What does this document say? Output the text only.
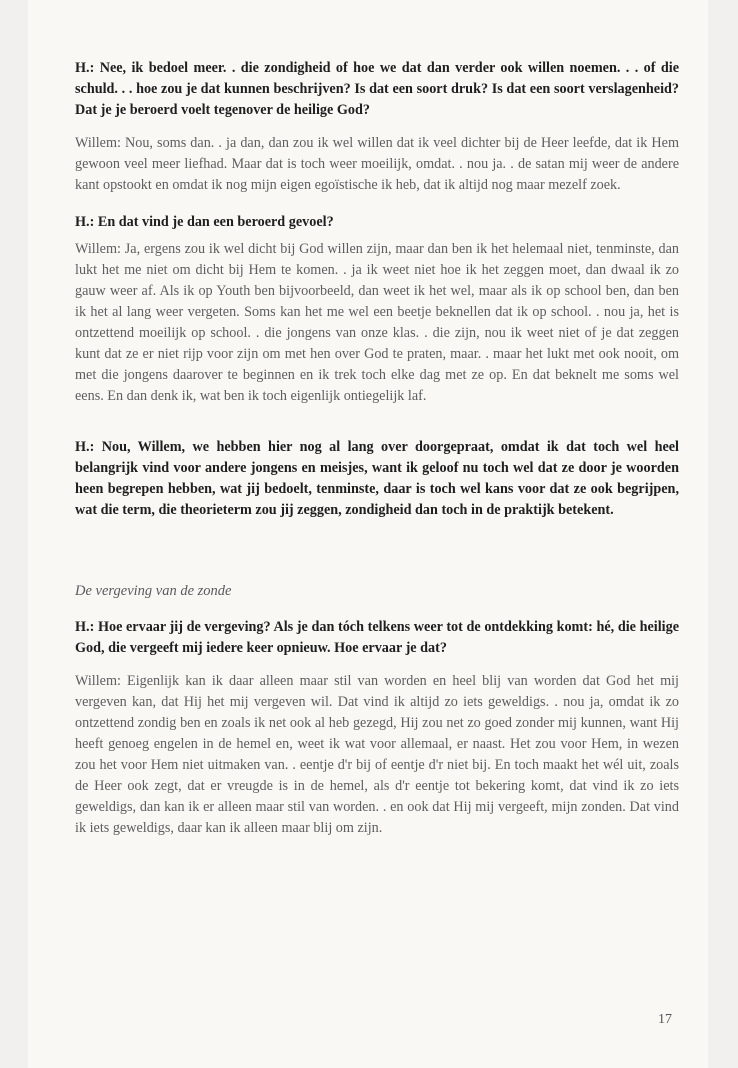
H.: Nee, ik bedoel meer. . die zondigheid of hoe we dat dan verder ook willen noemen. . . of die schuld. . . hoe zou je dat kunnen beschrijven? Is dat een soort druk? Is dat een soort verslagenheid? Dat je je beroerd voelt tegenover de heilige God?

Willem: Nou, soms dan. . ja dan, dan zou ik wel willen dat ik veel dichter bij de Heer leefde, dat ik Hem gewoon veel meer liefhad. Maar dat is toch weer moeilijk, omdat. . nou ja. . de satan mij weer de andere kant opstookt en omdat ik nog mijn eigen egoïstische ik heb, dat ik altijd nog maar mezelf zoek.

H.: En dat vind je dan een beroerd gevoel?

Willem: Ja, ergens zou ik wel dicht bij God willen zijn, maar dan ben ik het helemaal niet, tenminste, dan lukt het me niet om dicht bij Hem te komen. . ja ik weet niet hoe ik het zeggen moet, dan dwaal ik zo gauw weer af. Als ik op Youth ben bijvoorbeeld, dan weet ik het wel, maar als ik op school ben, dan ben ik het al lang weer vergeten. Soms kan het me wel een beetje beknellen dat ik op school. . nou ja, het is ontzettend moeilijk op school. . die jongens van onze klas. . die zijn, nou ik weet niet of je dat zeggen kunt dat ze er niet rijp voor zijn om met hen over God te praten, maar. . maar het lukt met ook nooit, om met die jongens daarover te beginnen en ik trek toch elke dag met ze op. En dat beknelt me soms wel eens. En dan denk ik, wat ben ik toch eigenlijk ontiegelijk laf.

H.: Nou, Willem, we hebben hier nog al lang over doorgepraat, omdat ik dat toch wel heel belangrijk vind voor andere jongens en meisjes, want ik geloof nu toch wel dat ze door je woorden heen begrepen hebben, wat jij bedoelt, tenminste, daar is toch wel kans voor dat ze ook begrijpen, wat die term, die theorieterm zou jij zeggen, zondigheid dan toch in de praktijk betekent.

De vergeving van de zonde

H.: Hoe ervaar jij de vergeving? Als je dan tóch telkens weer tot de ontdekking komt: hé, die heilige God, die vergeeft mij iedere keer opnieuw. Hoe ervaar je dat?

Willem: Eigenlijk kan ik daar alleen maar stil van worden en heel blij van worden dat God het mij vergeven kan, dat Hij het mij vergeven wil. Dat vind ik altijd zo iets geweldigs. . nou ja, omdat ik zo ontzettend zondig ben en zoals ik net ook al heb gezegd, Hij zou net zo goed zonder mij kunnen, want Hij heeft genoeg engelen in de hemel en, weet ik wat voor allemaal, er naast. Het zou voor Hem, in wezen zou het voor Hem niet uitmaken van. . eentje d'r bij of eentje d'r niet bij. En toch maakt het wél uit, zoals de Heer ook zegt, dat er vreugde is in de hemel, als d'r eentje tot bekering komt, dat vind ik zo iets geweldigs, dan kan ik er alleen maar stil van worden. . en ook dat Hij mij vergeeft, mijn zonden. Dat vind ik iets geweldigs, daar kan ik alleen maar blij om zijn.

17
